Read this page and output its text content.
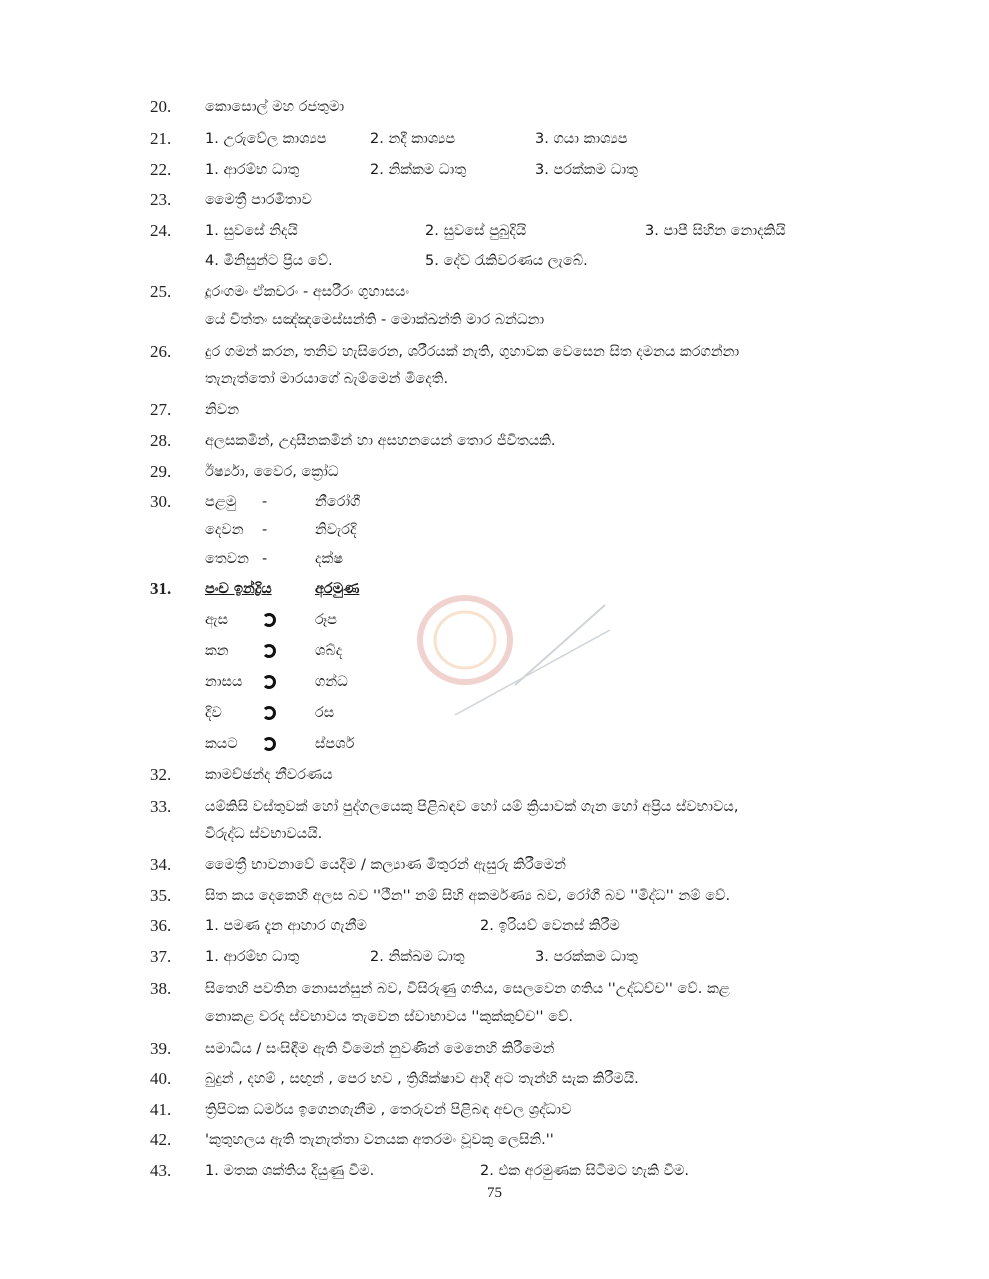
20.	කොසොල් මහ රජතුමා
21.	1. උරුවේල කාශ්‍යප	2. නදී කාශ්‍යප	3. ගයා කාශ්‍යප
22.	1. ආරම්භ ධාතු	2. නික්කම ධාතු	3. පරක්කම ධාතු
23.	මෛත්‍රී පාරමිතාව
24.	1. සුවසේ නිදයි	2. සුවසේ පුබුදියි	3. පාපී සිහින නොදකියි
4. මිනිසුන්ට ප්‍රිය වේ.	5. දේව රැකිවරණය ලැබේ.
25.	දූරංගමං ඒකචරං - අසරීරං ගුහාසයං
යේ චිත්තං සඤ්ඤමෙස්සන්ති - මොක්ඛන්ති මාර බන්ධනා
26.	දුර ගමන් කරන, තනිව හැසිරෙන, ශරීරයක් නැති, ගුහාවක වෙසෙන සිත දමනය කරගන්නා
තැනැත්තෝ මාරයාගේ බැම්මෙන් මිදෙති.
27.	නිවන
28.	අලසකමින්, උදාසීනකමින් හා අසහනයෙන් තොර ජීවිතයකි.
29.	ඊර්ෂ්‍යා, වෛර, ක්‍රෝධ
30.	පළමු -	නීරෝගී
දෙවන -	නිවැරදි
තෙවන -	දක්ෂ
31.	පංච ඉන්ද්‍රිය	අරමුණ
ඇස	රූප
කන	ශබ්ද
නාසය	ගන්ධ
දිව	රස
කයට	ස්පර්ශ
32.	කාමච්ඡන්ද නීවරණය
33.	යම්කිසි වස්තුවක් හෝ පුද්ගලයෙකු පිළිබඳව හෝ යම් ක්‍රියාවක් ගැන හෝ අප්‍රිය ස්වභාවය,
විරුද්ධ ස්වභාවයයි.
34.	මෛත්‍රී භාවනාවේ යෙදීම / කල්‍යාණ මිතුරන් ඇසුරු කිරීමෙන්
35.	සිත කය දෙකෙහි අලස බව ''ථීන'' නම් සිහි අකර්මණ්‍ය බව, රෝගී බව ''මිද්ධ'' නම් වේ.
36.	1. පමණ දැන ආහාර ගැනීම	2. ඉරියව් වෙනස් කිරීම
37.	1. ආරම්භ ධාතු	2. නික්ඛම ධාතු	3. පරක්කම ධාතු
38.	සිතෙහි පවතින නොසන්සුන් බව, විසිරුණු ගතිය, සෙලවෙන ගතිය ''උද්ධච්ච'' වේ. කළ
නොකළ වරද ස්වභාවය තැවෙන ස්වාභාවය ''කුක්කුච්ච'' වේ.
39.	සමාධිය / සංසිඳීම ඇති වීමෙන් නුවණින් මෙනෙහි කිරීමෙන්
40.	බුදුන් , දහම් , සඟුන් , පෙර භව , ත්‍රිශික්ෂාව ආදී අට තැන්හි සැක කිරීමයි.
41.	ත්‍රිපිටක ධර්මය ඉගෙනගැනීම , තෙරුවන් පිළිබඳ අචල ශ්‍රද්ධාව
42.	'කුතුහලය ඇති තැනැත්තා වනයක අතරමං වූවකු ලෙසිනි.''
43.	1. මතක ශක්තිය දියුණු වීම.	2. එක අරමුණක සිටීමට හැකි වීම.
75
